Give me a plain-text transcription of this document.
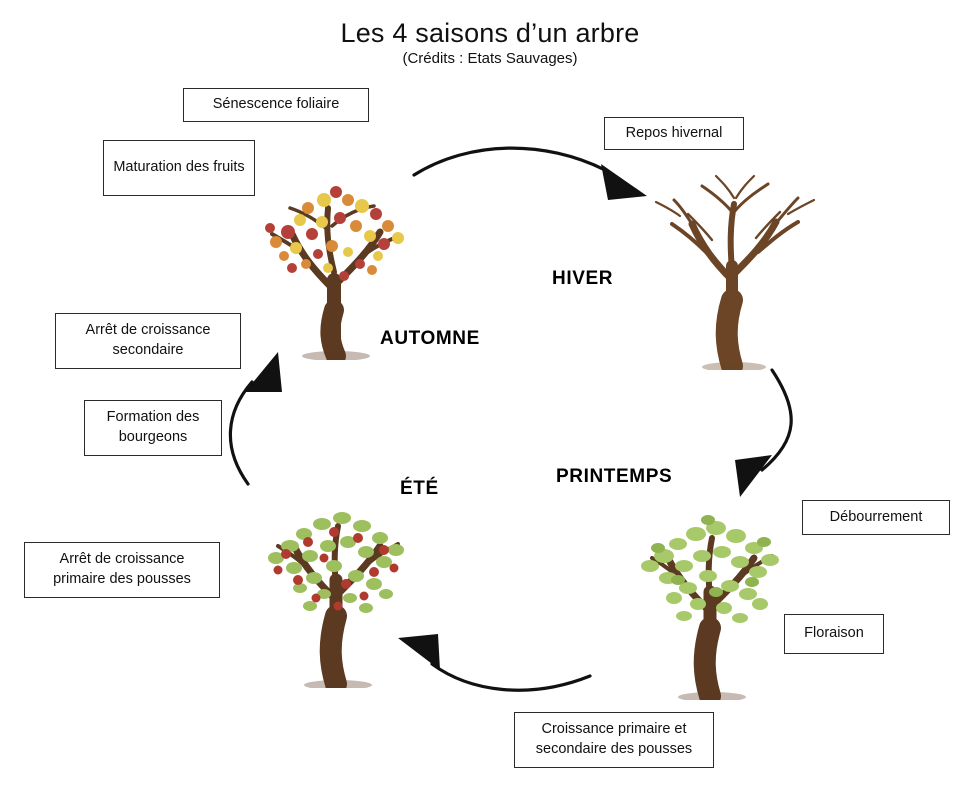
Les 4 saisons d’un arbre
(Crédits : Etats Sauvages)
HIVER
PRINTEMPS
ÉTÉ
AUTOMNE
Sénescence foliaire
Maturation des fruits
Repos hivernal
Arrêt de croissance secondaire
Formation des bourgeons
Débourrement
Floraison
Arrêt de croissance primaire des pousses
Croissance primaire et secondaire des pousses
